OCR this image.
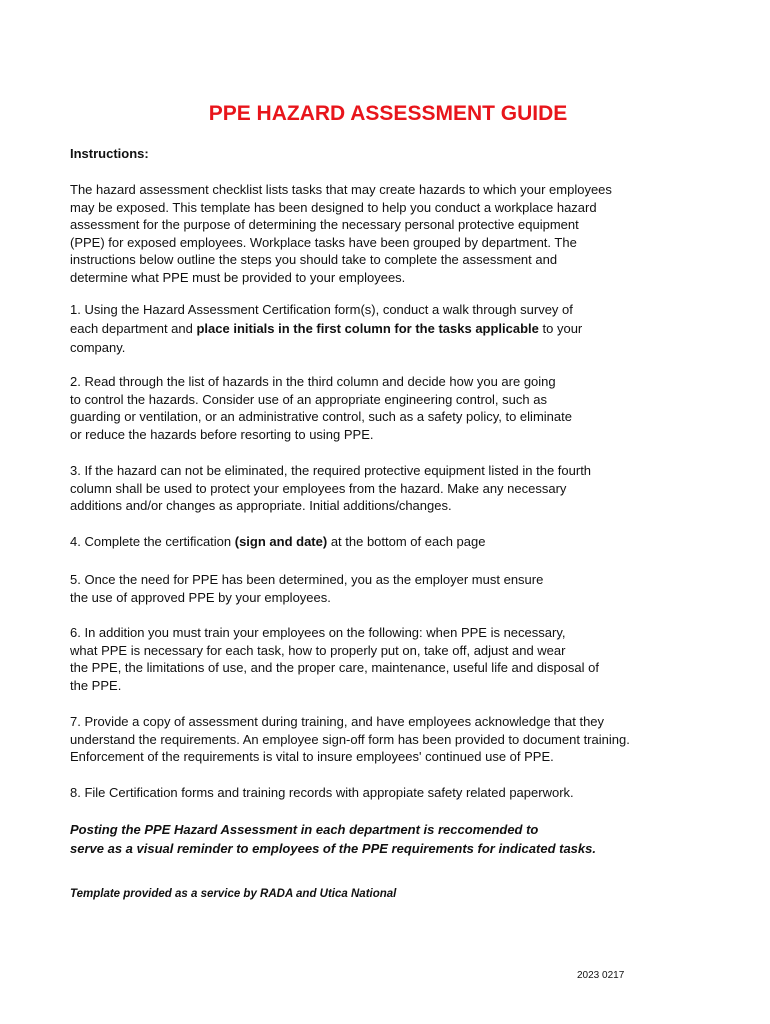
PPE HAZARD ASSESSMENT GUIDE
Instructions:
The hazard assessment checklist lists tasks that may create hazards to which your employees
may be exposed. This template has been designed to help you conduct a workplace hazard
assessment for the purpose of determining the necessary personal protective equipment
(PPE) for exposed employees. Workplace tasks have been grouped by department. The
instructions below outline the steps you should take to complete the assessment and
determine what PPE must be provided to your employees.
1. Using the Hazard Assessment Certification form(s), conduct a walk through survey of
each department and place initials in the first column for the tasks applicable to your
company.
2. Read through the list of hazards in the third column and decide how you are going
to control the hazards. Consider use of an appropriate engineering control, such as
guarding or ventilation, or an administrative control, such as a safety policy, to eliminate
or reduce the hazards before resorting to using PPE.
3. If the hazard can not be eliminated, the required protective equipment listed in the fourth
column shall be used to protect your employees from the hazard. Make any necessary
additions and/or changes as appropriate. Initial additions/changes.
4. Complete the certification (sign and date) at the bottom of each page
5. Once the need for PPE has been determined, you as the employer must ensure
the use of approved PPE by your employees.
6. In addition you must train your employees on the following: when PPE is necessary,
what PPE is necessary for each task, how to properly put on, take off, adjust and wear
the PPE, the limitations of use, and the proper care, maintenance, useful life and disposal of
the PPE.
7. Provide a copy of assessment during training, and have employees acknowledge that they
understand the requirements. An employee sign-off form has been provided to document training.
Enforcement of the requirements is vital to insure employees' continued use of PPE.
8. File Certification forms and training records with appropiate safety related paperwork.
Posting the PPE Hazard Assessment in each department is reccomended to
serve as a visual reminder to employees of the PPE requirements for indicated tasks.
Template provided as a service by RADA and Utica National
2023 0217
